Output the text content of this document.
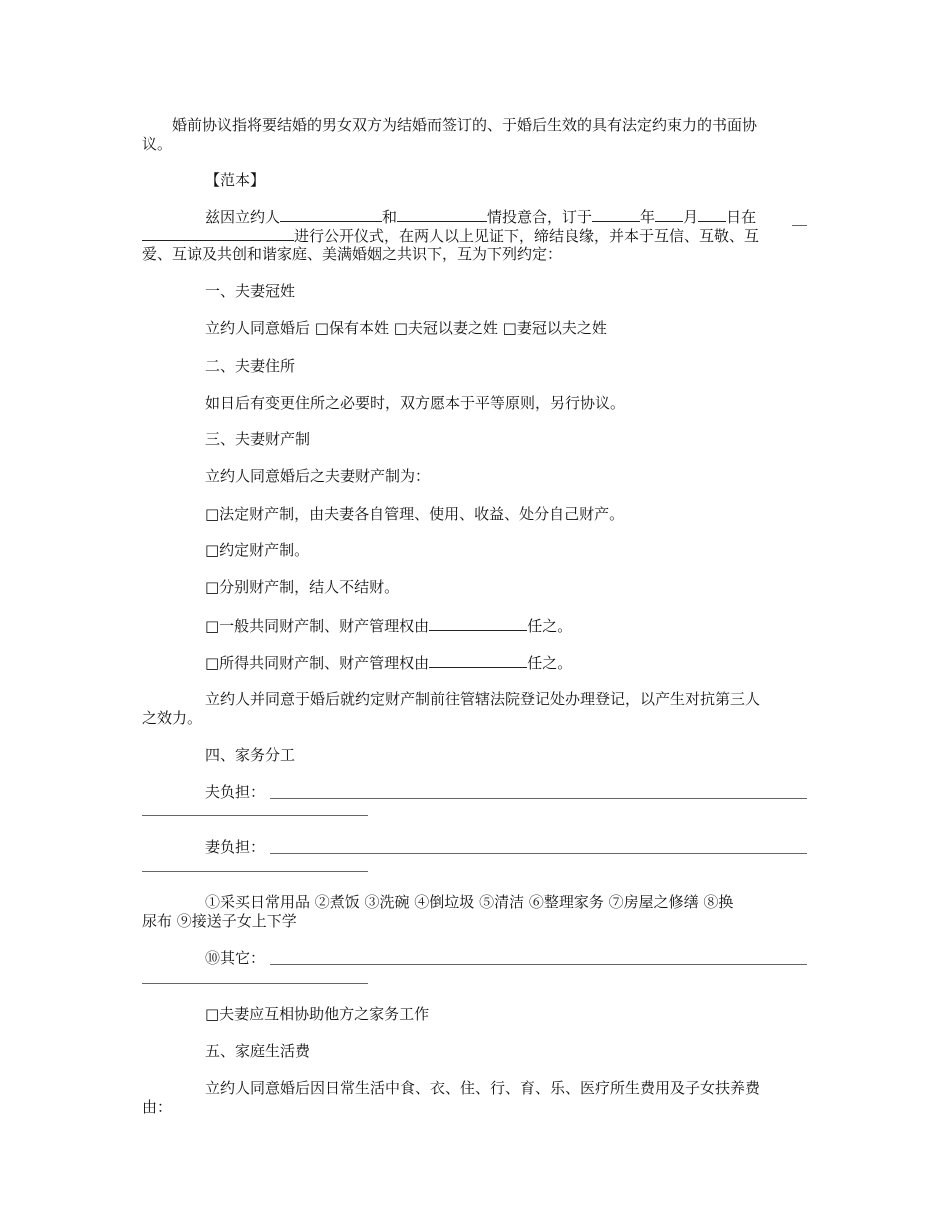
婚前协议指将要结婚的男女双方为结婚而签订的、于婚后生效的具有法定约束力的书面协
议。
【范本】
兹因立约人	和	情投意合，订于	年 月 日在
进行公开仪式，在两人以上见证下，缔结良缘，并本于互信、互敬、互
爱、互谅及共创和谐家庭、美满婚姻之共识下，互为下列约定：
一、夫妻冠姓
立约人同意婚后 □保有本姓 □夫冠以妻之姓 □妻冠以夫之姓
二、夫妻住所
如日后有变更住所之必要时，双方愿本于平等原则，另行协议。
三、夫妻财产制
立约人同意婚后之夫妻财产制为：
□法定财产制，由夫妻各自管理、使用、收益、处分自己财产。
□约定财产制。
□分别财产制，结人不结财。
□一般共同财产制、财产管理权由	任之。
□所得共同财产制、财产管理权由	任之。
立约人并同意于婚后就约定财产制前往管辖法院登记处办理登记，以产生对抗第三人
之效力。
四、家务分工
夫负担：
妻负担：
①采买日常用品 ②煮饭 ③洗碗 ④倒垃圾 ⑤清洁 ⑥整理家务 ⑦房屋之修缮 ⑧换
尿布 ⑨接送子女上下学
⑩其它：
□夫妻应互相协助他方之家务工作
五、家庭生活费
立约人同意婚后因日常生活中食、衣、住、行、育、乐、医疗所生费用及子女扶养费
由：
